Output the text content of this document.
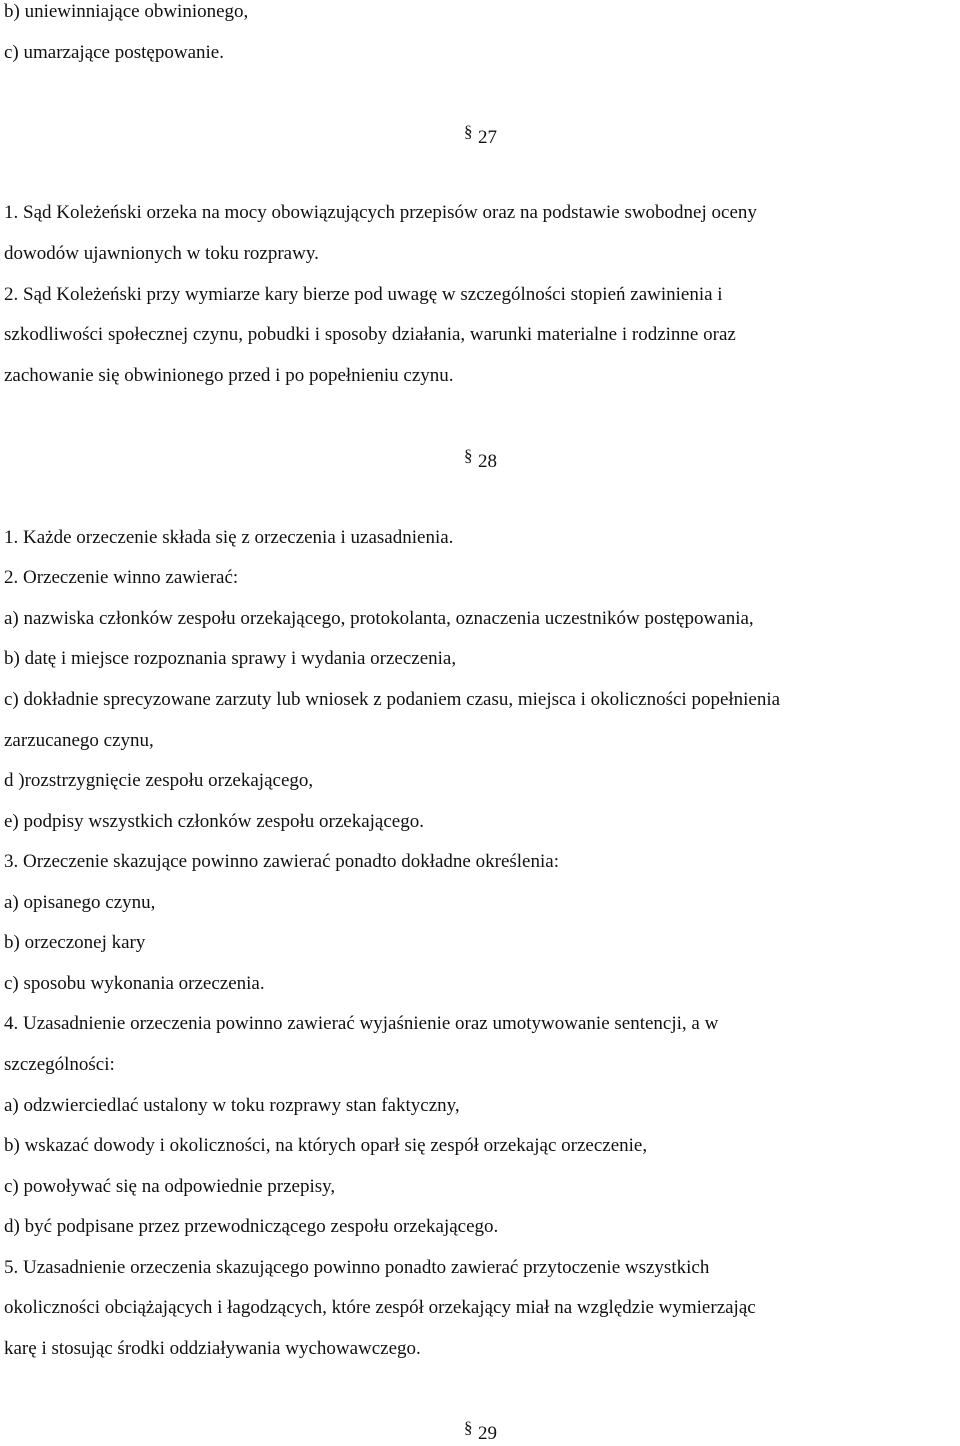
b) uniewinniające obwinionego,
c) umarzające postępowanie.
§27
1. Sąd Koleżeński orzeka na mocy obowiązujących przepisów oraz na podstawie swobodnej oceny
dowodów ujawnionych w toku rozprawy.
2. Sąd Koleżeński przy wymiarze kary bierze pod uwagę w szczególności stopień zawinienia i
szkodliwości społecznej czynu, pobudki i sposoby działania, warunki materialne i rodzinne oraz
zachowanie się obwinionego przed i po popełnieniu czynu.
§28
1. Każde orzeczenie składa się z orzeczenia i uzasadnienia.
2. Orzeczenie winno zawierać:
a) nazwiska członków zespołu orzekającego, protokolanta, oznaczenia uczestników postępowania,
b) datę i miejsce rozpoznania sprawy i wydania orzeczenia,
c) dokładnie sprecyzowane zarzuty lub wniosek z podaniem czasu, miejsca i okoliczności popełnienia
zarzucanego czynu,
d )rozstrzygnięcie zespołu orzekającego,
e) podpisy wszystkich członków zespołu orzekającego.
3. Orzeczenie skazujące powinno zawierać ponadto dokładne określenia:
a) opisanego czynu,
b) orzeczonej kary
c) sposobu wykonania orzeczenia.
4. Uzasadnienie orzeczenia powinno zawierać wyjaśnienie oraz umotywowanie sentencji, a w
szczególności:
a) odzwierciedlać ustalony w toku rozprawy stan faktyczny,
b) wskazać dowody i okoliczności, na których oparł się zespół orzekając orzeczenie,
c) powoływać się na odpowiednie przepisy,
d) być podpisane przez przewodniczącego zespołu orzekającego.
5. Uzasadnienie orzeczenia skazującego powinno ponadto zawierać przytoczenie wszystkich
okoliczności obciążających i łagodzących, które zespół orzekający miał na względzie wymierzając
karę i stosując środki oddziaływania wychowawczego.
§29
